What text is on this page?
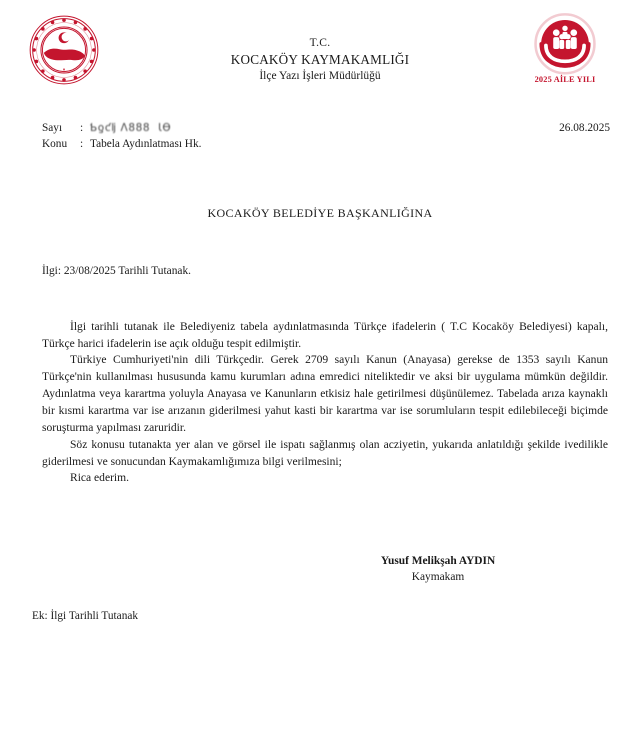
T.C.
KOCAKÖY KAYMAKAMLIĞI
İlçe Yazı İşleri Müdürlüğü	2025 AİLE YILI
Sayı : Ƅƍƈǉ Ʌ888  ƖƟ
Konu : Tabela Aydınlatması Hk.
26.08.2025
KOCAKÖY BELEDİYE BAŞKANLIĞINA
İlgi: 23/08/2025 Tarihli Tutanak.

İlgi tarihli tutanak ile Belediyeniz tabela aydınlatmasında Türkçe ifadelerin ( T.C Kocaköy Belediyesi) kapalı, Türkçe harici ifadelerin ise açık olduğu tespit edilmiştir.

Türkiye Cumhuriyeti'nin dili Türkçedir. Gerek 2709 sayılı Kanun (Anayasa) gerekse de 1353 sayılı Kanun Türkçe'nin kullanılması hususunda kamu kurumları adına emredici niteliktedir ve aksi bir uygulama mümkün değildir. Aydınlatma veya karartma yoluyla Anayasa ve Kanunların etkisiz hale getirilmesi düşünülemez. Tabelada arıza kaynaklı bir kısmi karartma var ise arızanın giderilmesi yahut kasti bir karartma var ise sorumluların tespit edilebileceği biçimde soruşturma yapılması zaruridir.

Söz konusu tutanakta yer alan ve görsel ile ispatı sağlanmış olan acziyetin, yukarıda anlatıldığı şekilde ivedilikle giderilmesi ve sonucundan Kaymakamlığımıza bilgi verilmesini;

Rica ederim.

Yusuf Melikşah AYDIN
Kaymakam
Ek: İlgi Tarihli Tutanak
